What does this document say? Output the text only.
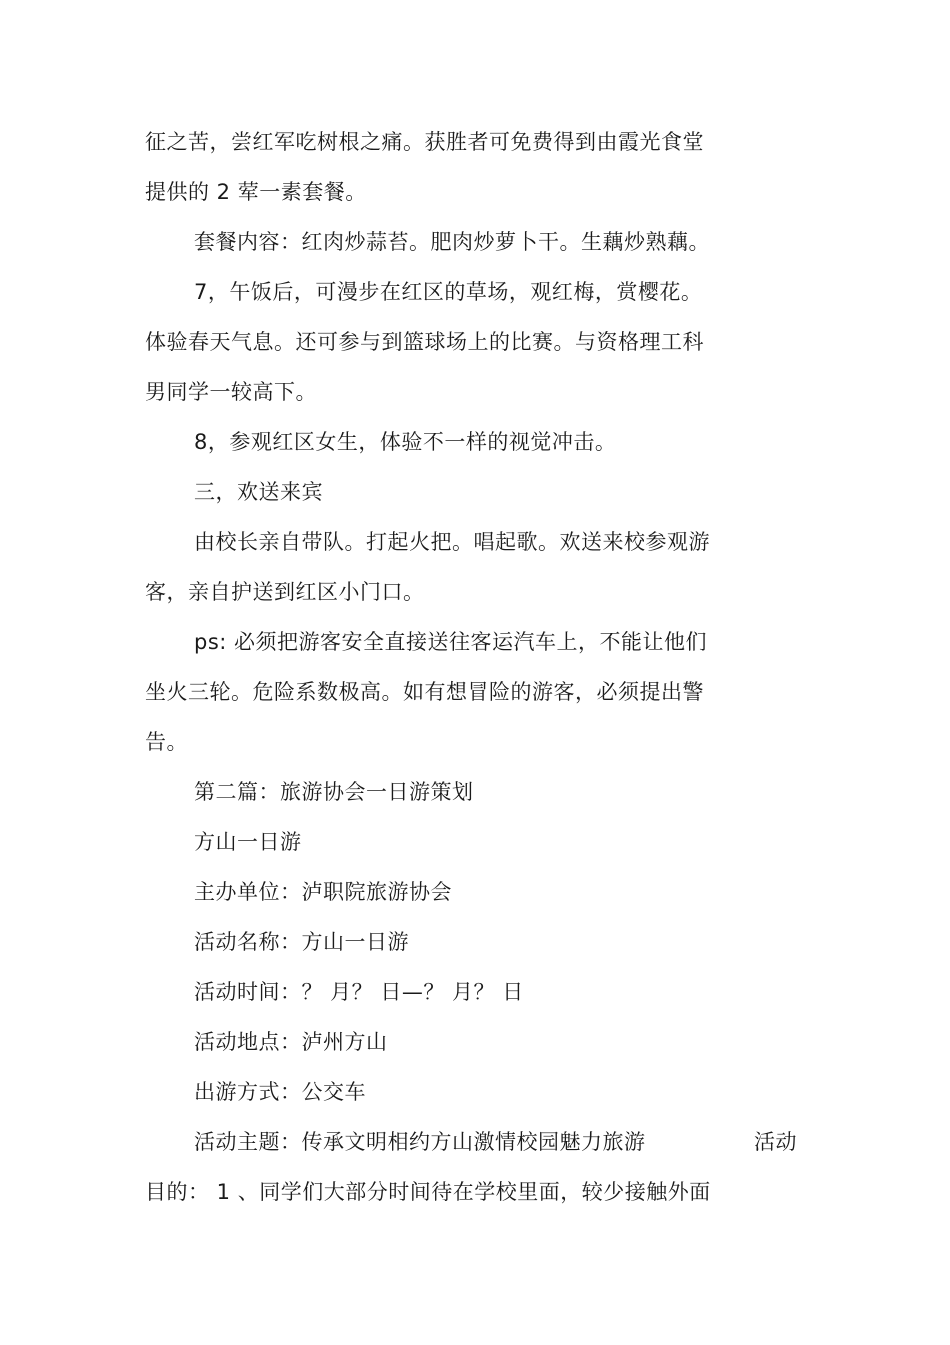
征之苦，尝红军吃树根之痛。获胜者可免费得到由霞光食堂

提供的 2 荤一素套餐。

套餐内容：红肉炒蒜苔。肥肉炒萝卜干。生藕炒熟藕。

7，午饭后，可漫步在红区的草场，观红梅，赏樱花。

体验春天气息。还可参与到篮球场上的比赛。与资格理工科

男同学一较高下。

8，参观红区女生，体验不一样的视觉冲击。

三，欢送来宾

由校长亲自带队。打起火把。唱起歌。欢送来校参观游

客，亲自护送到红区小门口。

ps: 必须把游客安全直接送往客运汽车上，不能让他们

坐火三轮。危险系数极高。如有想冒险的游客，必须提出警

告。

第二篇：旅游协会一日游策划

方山一日游

主办单位：泸职院旅游协会

活动名称：方山一日游

活动时间：？ 月？ 日—？ 月？ 日

活动地点：泸州方山

出游方式：公交车

活动主题：传承文明相约方山激情校园魅力旅游	活动

目的： 1 、同学们大部分时间待在学校里面，较少接触外面
